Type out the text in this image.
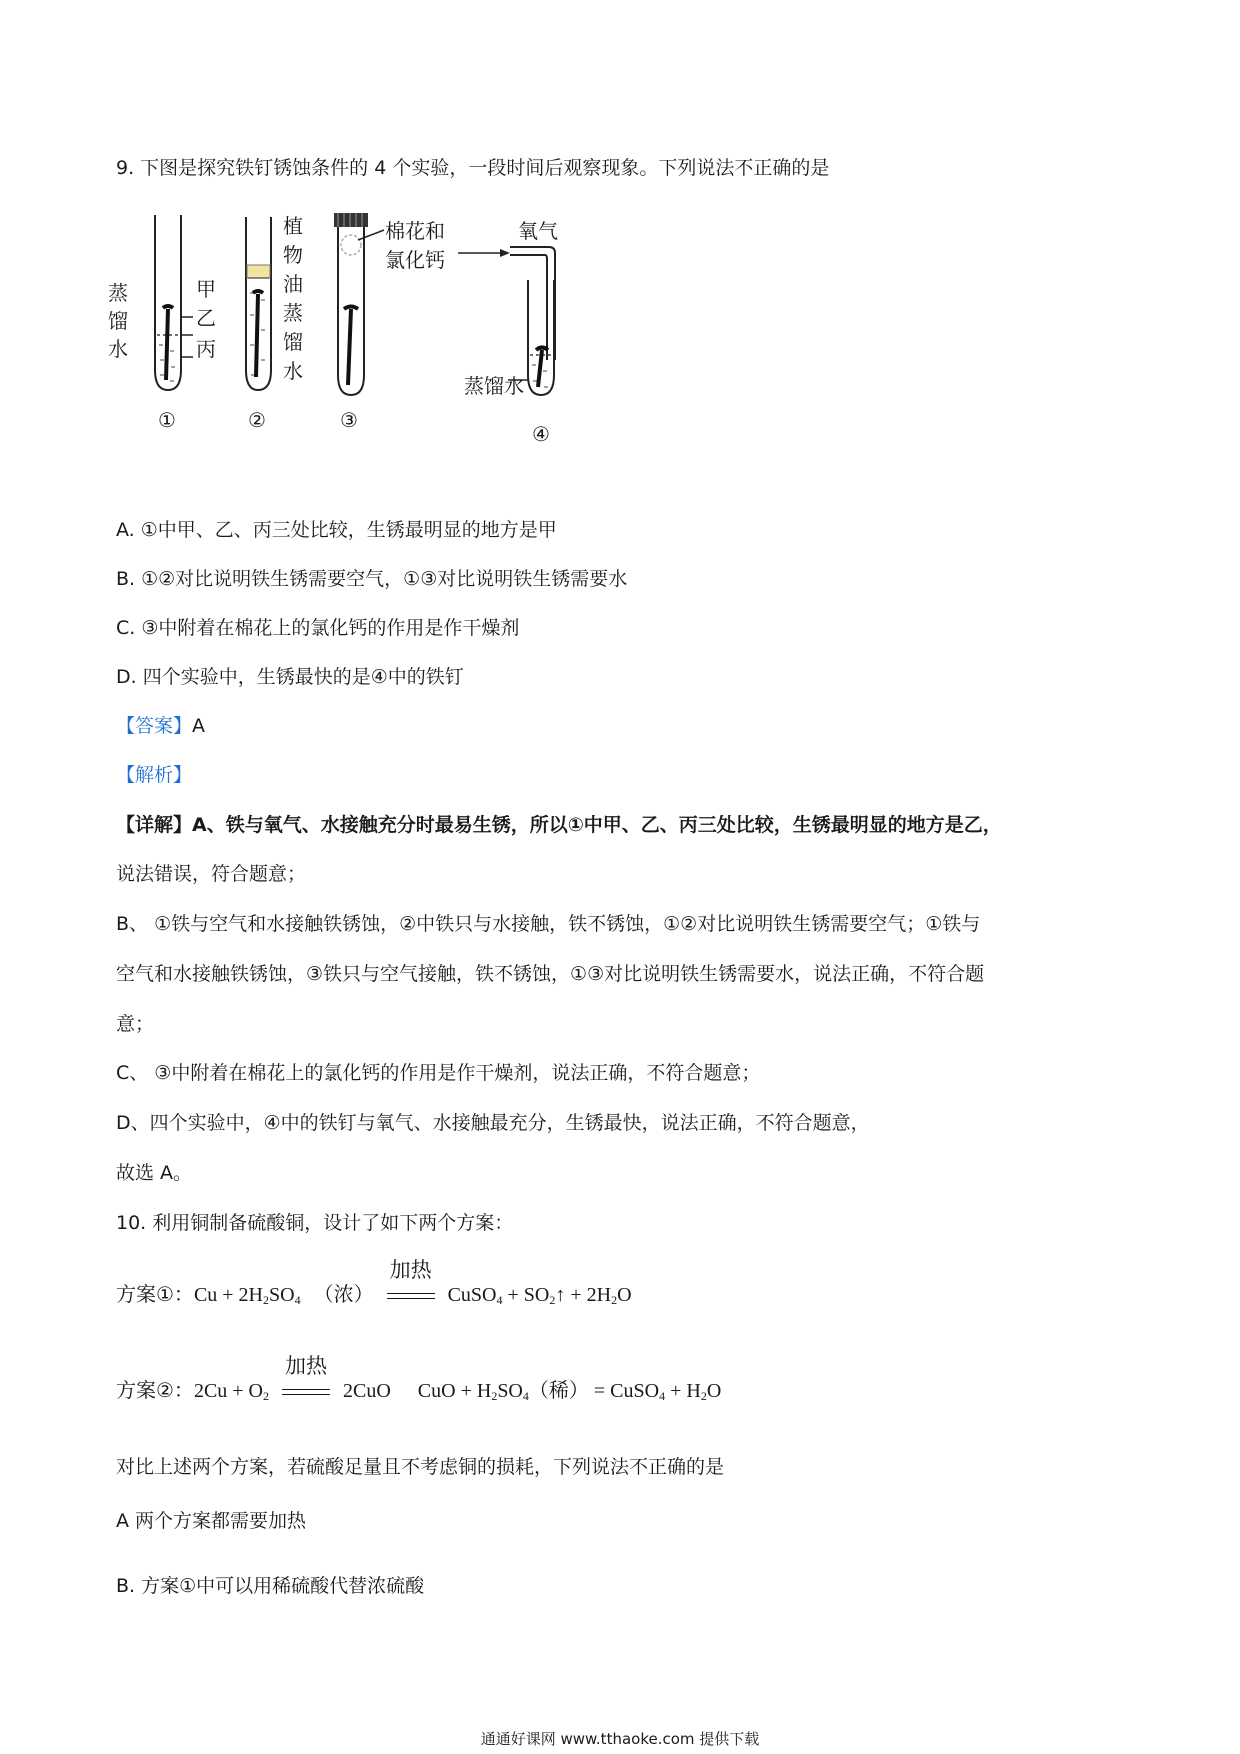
9. 下图是探究铁钉锈蚀条件的 4 个实验，一段时间后观察现象。下列说法不正确的是
蒸
馏
水
甲
乙
丙
①
植
物
油
蒸
馏
水
②
棉花和
氯化钙
③
氧气
蒸馏水
④
A. ①中甲、乙、丙三处比较，生锈最明显的地方是甲
B. ①②对比说明铁生锈需要空气，①③对比说明铁生锈需要水
C. ③中附着在棉花上的氯化钙的作用是作干燥剂
D. 四个实验中，生锈最快的是④中的铁钉
【答案】A
【解析】
【详解】A、铁与氧气、水接触充分时最易生锈，所以①中甲、乙、丙三处比较，生锈最明显的地方是乙，
说法错误，符合题意；
B、 ①铁与空气和水接触铁锈蚀，②中铁只与水接触，铁不锈蚀，①②对比说明铁生锈需要空气；①铁与
空气和水接触铁锈蚀，③铁只与空气接触，铁不锈蚀，①③对比说明铁生锈需要水，说法正确，不符合题
意；
C、 ③中附着在棉花上的氯化钙的作用是作干燥剂，说法正确，不符合题意；
D、四个实验中，④中的铁钉与氧气、水接触最充分，生锈最快，说法正确，不符合题意，
故选 A。
10. 利用铜制备硫酸铜，设计了如下两个方案：
方案①：$Cu + 2H_2SO_4$ （浓）
加热
CuSO$_4$ + $SO_2↑ + 2H_2O$
方案②：$2Cu + O_2$
加热
2CuO CuO + $H_2SO_4$（稀） = CuSO$_4$ + $H_2O$
对比上述两个方案，若硫酸足量且不考虑铜的损耗，下列说法不正确的是
A 两个方案都需要加热
B. 方案①中可以用稀硫酸代替浓硫酸
通通好课网 www.tthaoke.com 提供下载
